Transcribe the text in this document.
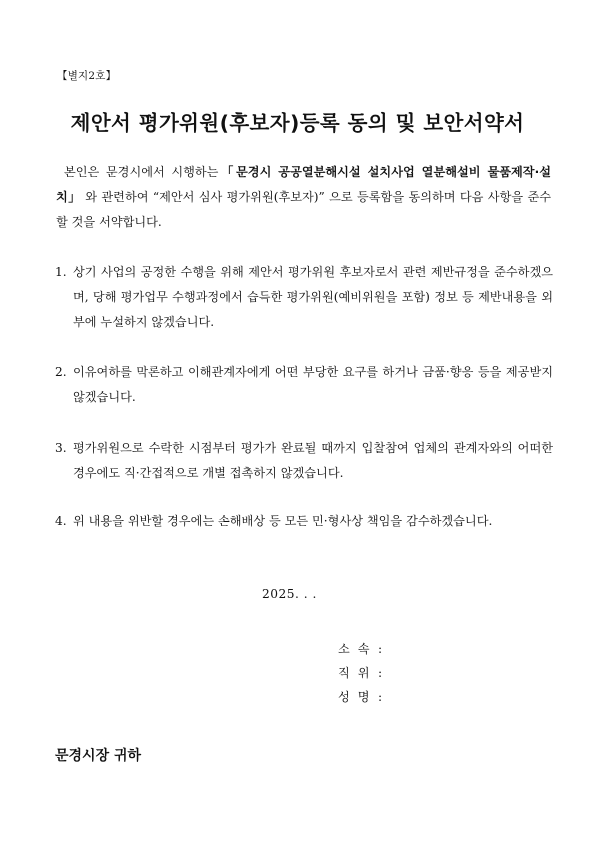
【별지2호】
제안서 평가위원(후보자)등록 동의 및 보안서약서
본인은 문경시에서 시행하는「문경시 공공열분해시설 설치사업 열분해설비 물품제작·설치」 와 관련하여 “제안서 심사 평가위원(후보자)” 으로 등록함을 동의하며 다음 사항을 준수할 것을 서약합니다.
1. 상기 사업의 공정한 수행을 위해 제안서 평가위원 후보자로서 관련 제반규정을 준수하겠으며, 당해 평가업무 수행과정에서 습득한 평가위원(예비위원을 포함) 정보 등 제반내용을 외부에 누설하지 않겠습니다.
2. 이유여하를 막론하고 이해관계자에게 어떤 부당한 요구를 하거나 금품·향응 등을 제공받지 않겠습니다.
3. 평가위원으로 수락한 시점부터 평가가 완료될 때까지 입찰참여 업체의 관계자와의 어떠한 경우에도 직·간접적으로 개별 접촉하지 않겠습니다.
4. 위 내용을 위반할 경우에는 손해배상 등 모든 민·형사상 책임을 감수하겠습니다.
2025. . .
소속:
직위:
성명:
문경시장 귀하
